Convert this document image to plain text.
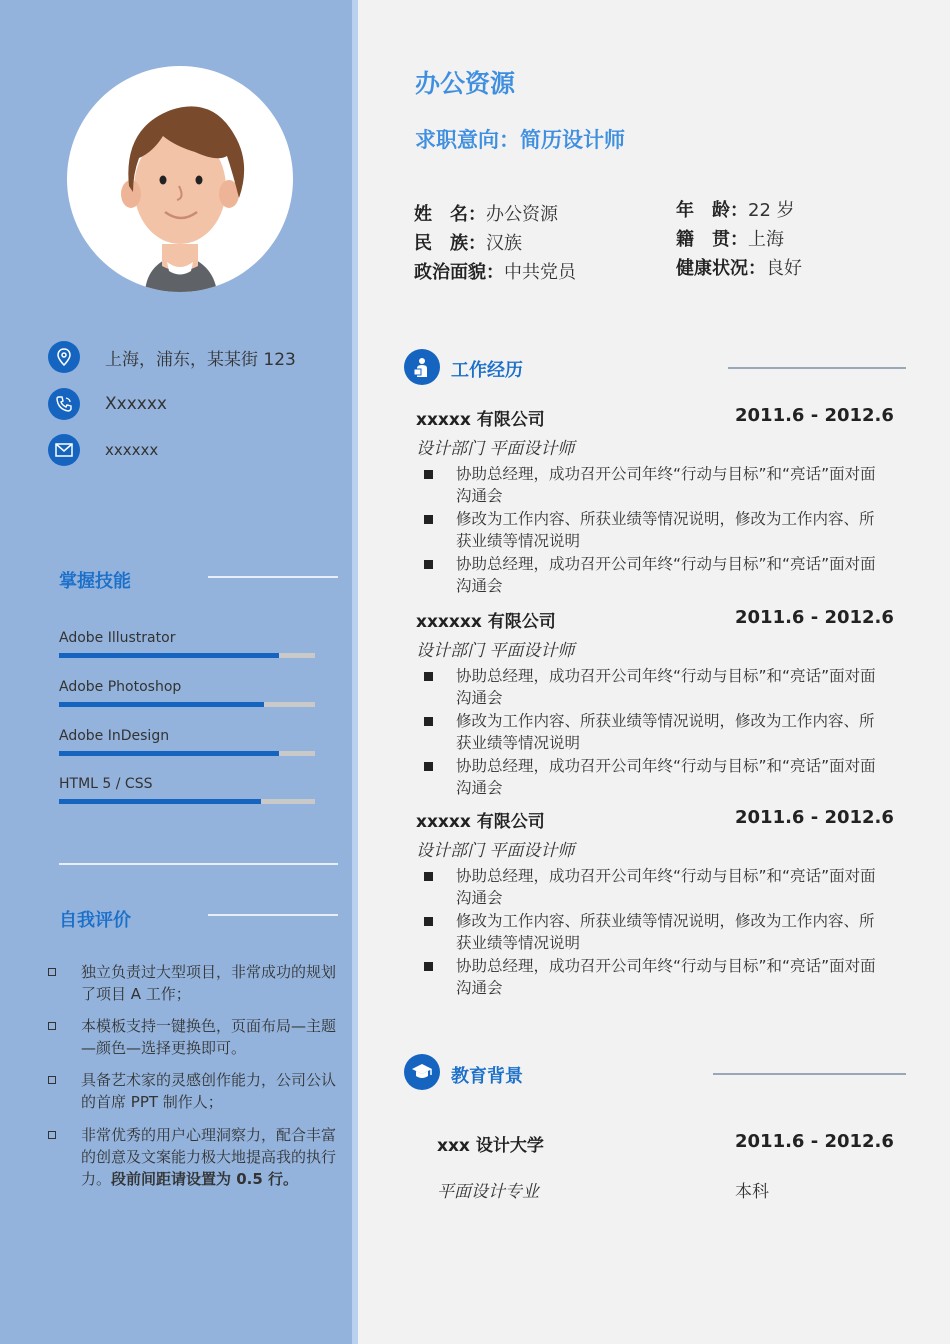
上海，浦东，某某街 123
Xxxxxx
xxxxxx
掌握技能
Adobe Illustrator
Adobe Photoshop
Adobe InDesign
HTML 5 / CSS
自我评价
独立负责过大型项目，非常成功的规划了项目 A 工作；
本模板支持一键换色，页面布局—主题—颜色—选择更换即可。
具备艺术家的灵感创作能力，公司公认的首席 PPT 制作人；
非常优秀的用户心理洞察力，配合丰富的创意及文案能力极大地提高我的执行力。段前间距请设置为 0.5 行。
办公资源
求职意向：简历设计师
姓　名：办公资源
民　族：汉族
政治面貌：中共党员
年　龄：22 岁
籍　贯：上海
健康状况：良好
工作经历
xxxxx 有限公司	2011.6 - 2012.6
设计部门 平面设计师
协助总经理，成功召开公司年终“行动与目标”和“亮话”面对面沟通会
修改为工作内容、所获业绩等情况说明，修改为工作内容、所获业绩等情况说明
协助总经理，成功召开公司年终“行动与目标”和“亮话”面对面沟通会
xxxxxx 有限公司	2011.6 - 2012.6
设计部门 平面设计师
协助总经理，成功召开公司年终“行动与目标”和“亮话”面对面沟通会
修改为工作内容、所获业绩等情况说明，修改为工作内容、所获业绩等情况说明
协助总经理，成功召开公司年终“行动与目标”和“亮话”面对面沟通会
xxxxx 有限公司	2011.6 - 2012.6
设计部门 平面设计师
协助总经理，成功召开公司年终“行动与目标”和“亮话”面对面沟通会
修改为工作内容、所获业绩等情况说明，修改为工作内容、所获业绩等情况说明
协助总经理，成功召开公司年终“行动与目标”和“亮话”面对面沟通会
教育背景
xxx 设计大学	2011.6 - 2012.6
平面设计专业	本科
